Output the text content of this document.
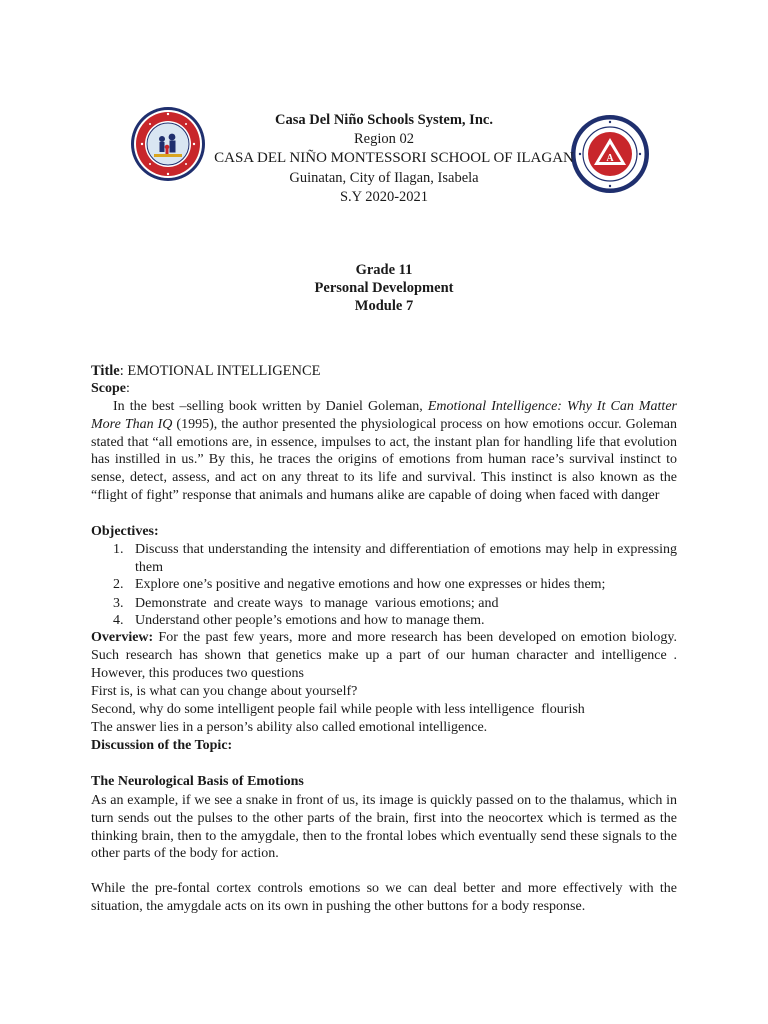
A
Casa Del Niño Schools System, Inc.
Region 02
CASA DEL NIÑO MONTESSORI SCHOOL OF ILAGAN
Guinatan, City of Ilagan, Isabela
S.Y 2020-2021
Grade 11
Personal Development
Module 7
Title: EMOTIONAL INTELLIGENCE
Scope:
In the best –selling book written by Daniel Goleman, Emotional Intelligence: Why It Can Matter More Than IQ (1995), the author presented the physiological process on how emotions occur. Goleman stated that “all emotions are, in essence, impulses to act, the instant plan for handling life that evolution has instilled in us.” By this, he traces the origins of emotions from human race’s survival instinct to sense, detect, assess, and act on any threat to its life and survival. This instinct is also known as the “flight of fight” response that animals and humans alike are capable of doing when faced with danger
Objectives:
1. Discuss that understanding the intensity and differentiation of emotions may help in expressing them
2. Explore one’s positive and negative emotions and how one expresses or hides them;
3. Demonstrate  and create ways  to manage  various emotions; and
4. Understand other people’s emotions and how to manage them.
Overview: For the past few years, more and more research has been developed on emotion biology. Such research has shown that genetics make up a part of our human character and intelligence . However, this produces two questions
First is, is what can you change about yourself?
Second, why do some intelligent people fail while people with less intelligence  flourish
The answer lies in a person’s ability also called emotional intelligence.
Discussion of the Topic:
The Neurological Basis of Emotions
As an example, if we see a snake in front of us, its image is quickly passed on to the thalamus, which in turn sends out the pulses to the other parts of the brain, first into the neocortex which is termed as the thinking brain, then to the amygdale, then to the frontal lobes which eventually send these signals to the other parts of the body for action.
While the pre-fontal cortex controls emotions so we can deal better and more effectively with the situation, the amygdale acts on its own in pushing the other buttons for a body response.
